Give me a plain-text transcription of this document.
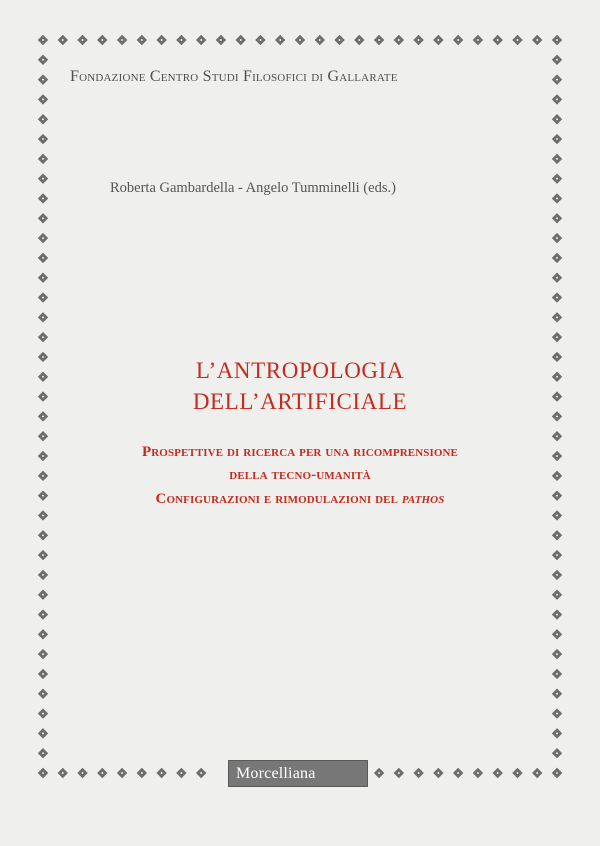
Fondazione Centro Studi Filosofici di Gallarate
Roberta Gambardella - Angelo Tumminelli (eds.)
L’ANTROPOLOGIA
DELL’ARTIFICIALE
Prospettive di ricerca per una ricomprensione
della tecno-umanità
Configurazioni e rimodulazioni del pathos
Morcelliana
